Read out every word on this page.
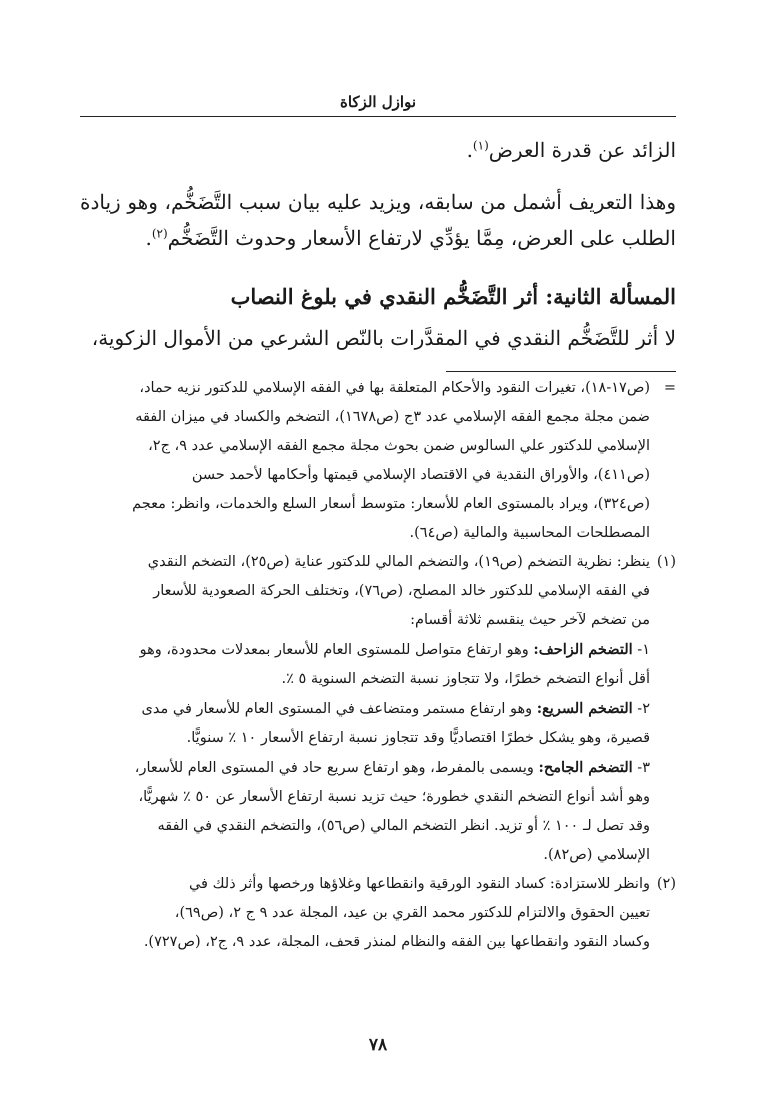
نوازل الزكاة

الزائد عن قدرة العرض$^{(١)}$.

وهذا التعريف أشمل من سابقه، ويزيد عليه بيان سبب التَّضَخُّم، وهو زيادة الطلب على العرض، مِمَّا يؤدِّي لارتفاع الأسعار وحدوث التَّضَخُّم$^{(٢)}$.

المسألة الثانية: أثر التَّضَخُّم النقدي في بلوغ النصاب

لا أثر للتَّضَخُّم النقدي في المقدَّرات بالنّص الشرعي من الأموال الزكوية،

=

(ص١٧-١٨)، تغيرات النقود والأحكام المتعلقة بها في الفقه الإسلامي للدكتور نزيه حماد،

ضمن مجلة مجمع الفقه الإسلامي عدد ٣ج (ص١٦٧٨)، التضخم والكساد في ميزان الفقه

الإسلامي للدكتور علي السالوس ضمن بحوث مجلة مجمع الفقه الإسلامي عدد ٩، ج٢،

(ص٤١١)، والأوراق النقدية في الاقتصاد الإسلامي قيمتها وأحكامها لأحمد حسن

(ص٣٢٤)، ويراد بالمستوى العام للأسعار: متوسط أسعار السلع والخدمات، وانظر: معجم

المصطلحات المحاسبية والمالية (ص٦٤).

(١)

ينظر: نظرية التضخم (ص١٩)، والتضخم المالي للدكتور عناية (ص٢٥)، التضخم النقدي

في الفقه الإسلامي للدكتور خالد المصلح، (ص٧٦)، وتختلف الحركة الصعودية للأسعار

من تضخم لآخر حيث ينقسم ثلاثة أقسام:

١- التضخم الزاحف: وهو ارتفاع متواصل للمستوى العام للأسعار بمعدلات محدودة، وهو

أقل أنواع التضخم خطرًا، ولا تتجاوز نسبة التضخم السنوية ٥ ٪.

٢- التضخم السريع: وهو ارتفاع مستمر ومتضاعف في المستوى العام للأسعار في مدى

قصيرة، وهو يشكل خطرًا اقتصاديًّا وقد تتجاوز نسبة ارتفاع الأسعار ١٠ ٪ سنويًّا.

٣- التضخم الجامح: ويسمى بالمفرط، وهو ارتفاع سريع حاد في المستوى العام للأسعار،

وهو أشد أنواع التضخم النقدي خطورة؛ حيث تزيد نسبة ارتفاع الأسعار عن ٥٠ ٪ شهريًّا،

وقد تصل لـ ١٠٠ ٪ أو تزيد. انظر التضخم المالي (ص٥٦)، والتضخم النقدي في الفقه

الإسلامي (ص٨٢).

(٢)

وانظر للاستزادة: كساد النقود الورقية وانقطاعها وغلاؤها ورخصها وأثر ذلك في

تعيين الحقوق والالتزام للدكتور محمد القري بن عيد، المجلة عدد ٩ ج ٢، (ص٦٩)،

وكساد النقود وانقطاعها بين الفقه والنظام لمنذر قحف، المجلة، عدد ٩، ج٢، (ص٧٢٧).

٧٨
